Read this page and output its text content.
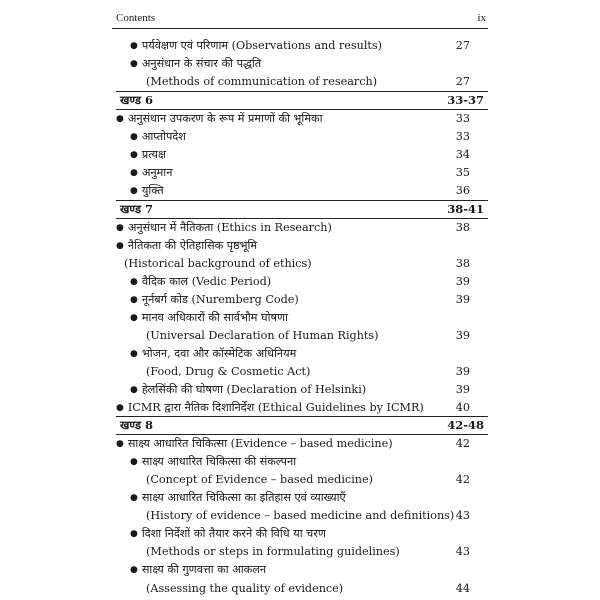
Contents	ix
● पर्यवेक्षण एवं परिणाम (Observations and results)	27
● अनुसंधान के संचार की पद्धति
(Methods of communication of research)	27
खण्ड 6	33-37
● अनुसंधान उपकरण के रूप में प्रमाणों की भूमिका	33
● आप्तोपदेश	33
● प्रत्यक्ष	34
● अनुमान	35
● युक्ति	36
खण्ड 7	38-41
● अनुसंधान में नैतिकता (Ethics in Research)	38
● नैतिकता की ऐतिहासिक पृष्ठभूमि
(Historical background of ethics)	38
● वैदिक काल (Vedic Period)	39
● नूर्नबर्ग कोड (Nuremberg Code)	39
● मानव अधिकारों की सार्वभौम घोषणा
(Universal Declaration of Human Rights)	39
● भोजन, दवा और कॉस्मेटिक अधिनियम
(Food, Drug & Cosmetic Act)	39
● हेलसिंकी की घोषणा (Declaration of Helsinki)	39
● ICMR द्वारा नैतिक दिशानिर्देश (Ethical Guidelines by ICMR)	40
खण्ड 8	42-48
● साक्ष्य आधारित चिकित्सा (Evidence – based medicine)	42
● साक्ष्य आधारित चिकित्सा की संकल्पना
(Concept of Evidence – based medicine)	42
● साक्ष्य आधारित चिकित्सा का इतिहास एवं व्याख्याएँ
(History of evidence – based medicine and definitions) 43
● दिशा निर्देशों को तैयार करने की विधि या चरण
(Methods or steps in formulating guidelines)	43
● साक्ष्य की गुणवत्ता का आकलन
(Assessing the quality of evidence)	44
